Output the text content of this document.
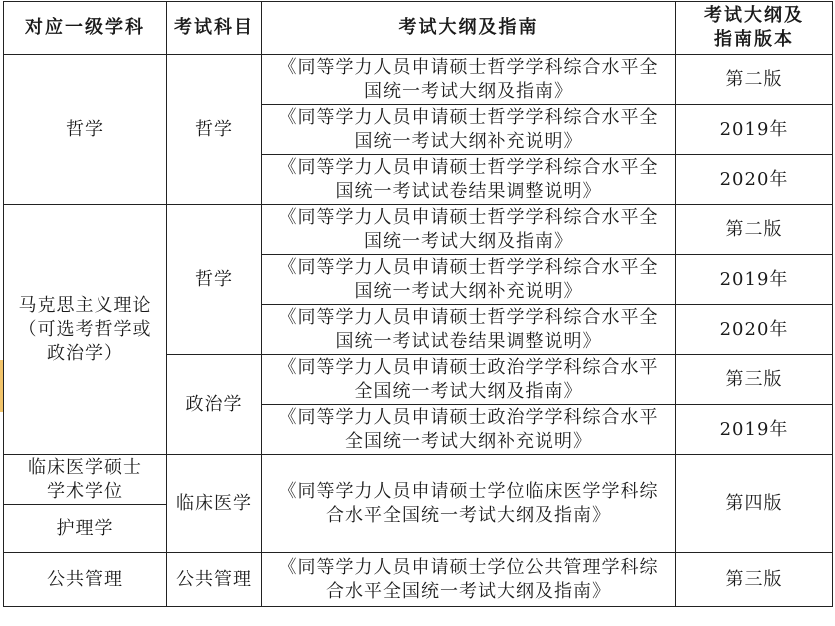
对应一级学科	考试科目	考试大纲及指南	考试大纲及
指南版本
哲学	哲学	《同等学力人员申请硕士哲学学科综合水平全
国统一考试大纲及指南》	第二版
		《同等学力人员申请硕士哲学学科综合水平全
国统一考试大纲补充说明》	2019年
		《同等学力人员申请硕士哲学学科综合水平全
国统一考试试卷结果调整说明》	2020年
马克思主义理论
（可选考哲学或
政治学）	哲学	《同等学力人员申请硕士哲学学科综合水平全
国统一考试大纲及指南》	第二版
		《同等学力人员申请硕士哲学学科综合水平全
国统一考试大纲补充说明》	2019年
		《同等学力人员申请硕士哲学学科综合水平全
国统一考试试卷结果调整说明》	2020年
	政治学	《同等学力人员申请硕士政治学学科综合水平
全国统一考试大纲及指南》	第三版
		《同等学力人员申请硕士政治学学科综合水平
全国统一考试大纲补充说明》	2019年
临床医学硕士
学术学位	临床医学	《同等学力人员申请硕士学位临床医学学科综
合水平全国统一考试大纲及指南》	第四版
护理学			
公共管理	公共管理	《同等学力人员申请硕士学位公共管理学科综
合水平全国统一考试大纲及指南》	第三版
